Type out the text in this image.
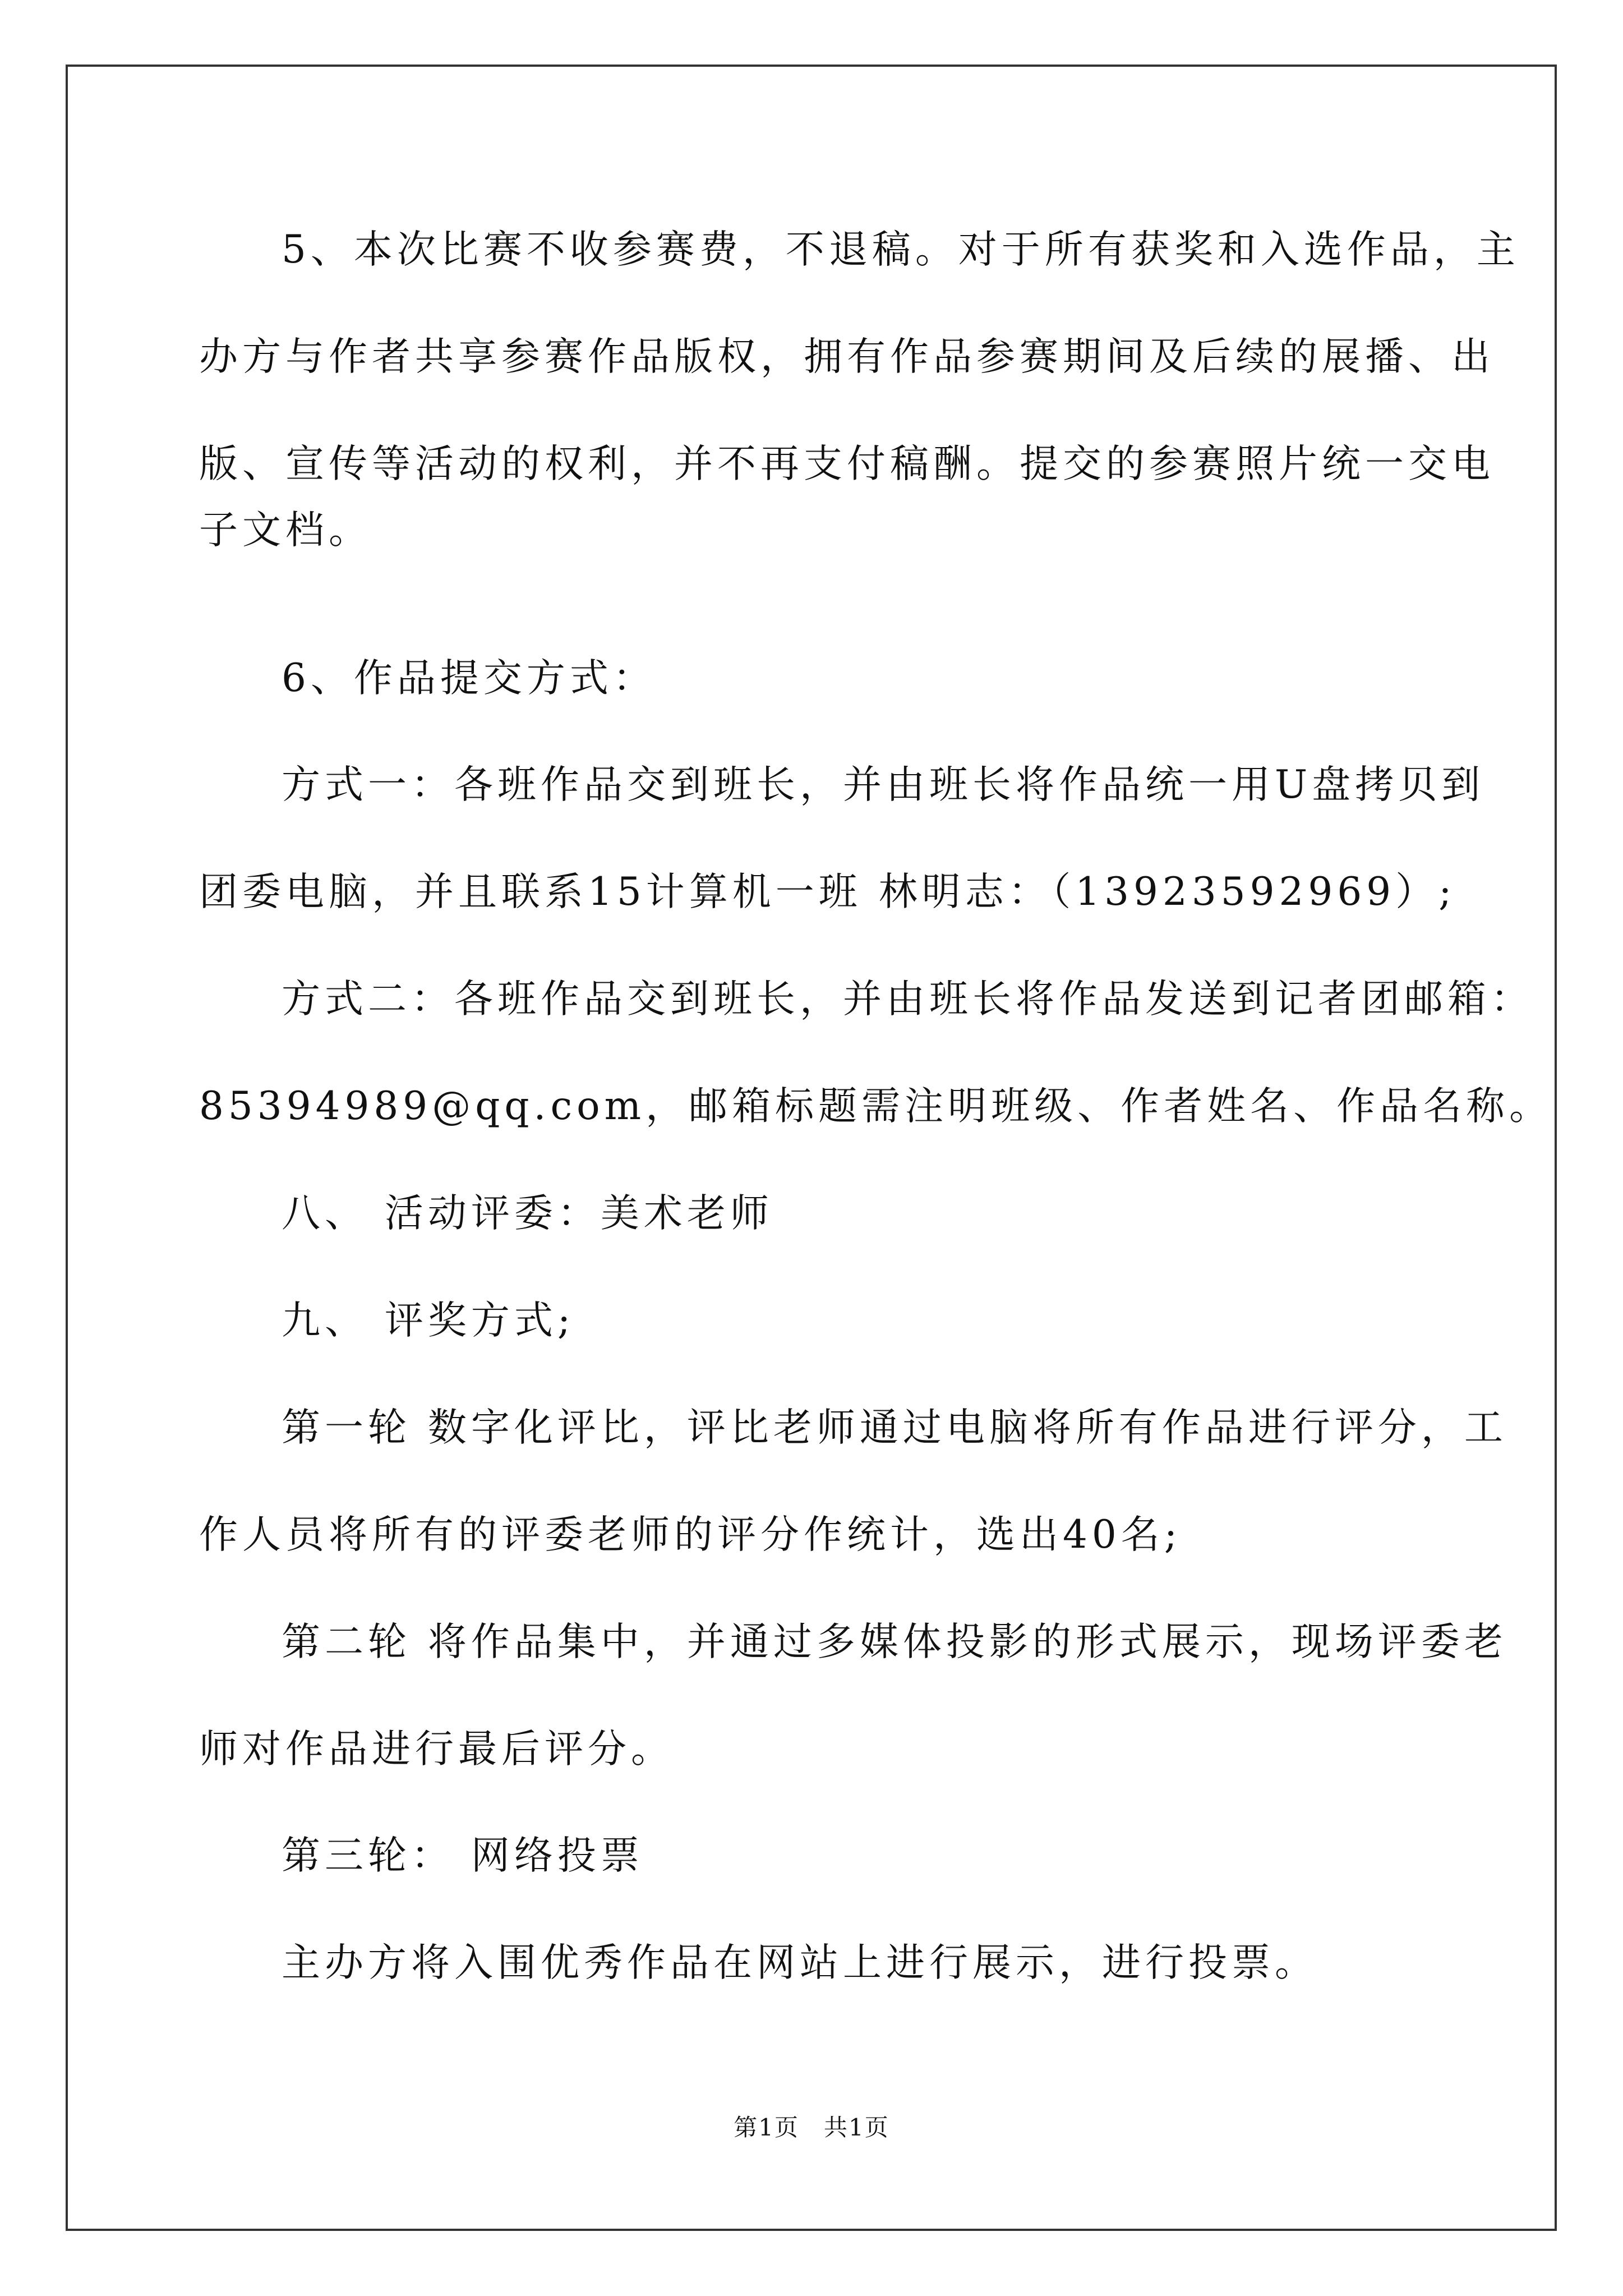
5、本次比赛不收参赛费，不退稿。对于所有获奖和入选作品，主
办方与作者共享参赛作品版权，拥有作品参赛期间及后续的展播、出
版、宣传等活动的权利，并不再支付稿酬。提交的参赛照片统一交电
子文档。
6、作品提交方式：
方式一：各班作品交到班长，并由班长将作品统一用U盘拷贝到
团委电脑，并且联系15计算机一班 林明志：（13923592969）;
方式二：各班作品交到班长，并由班长将作品发送到记者团邮箱：
85394989@qq.com，邮箱标题需注明班级、作者姓名、作品名称。
八、 活动评委：美术老师
九、 评奖方式;
第一轮 数字化评比，评比老师通过电脑将所有作品进行评分，工
作人员将所有的评委老师的评分作统计，选出40名;
第二轮 将作品集中，并通过多媒体投影的形式展示，现场评委老
师对作品进行最后评分。
第三轮： 网络投票
主办方将入围优秀作品在网站上进行展示，进行投票。
第1页　共1页
